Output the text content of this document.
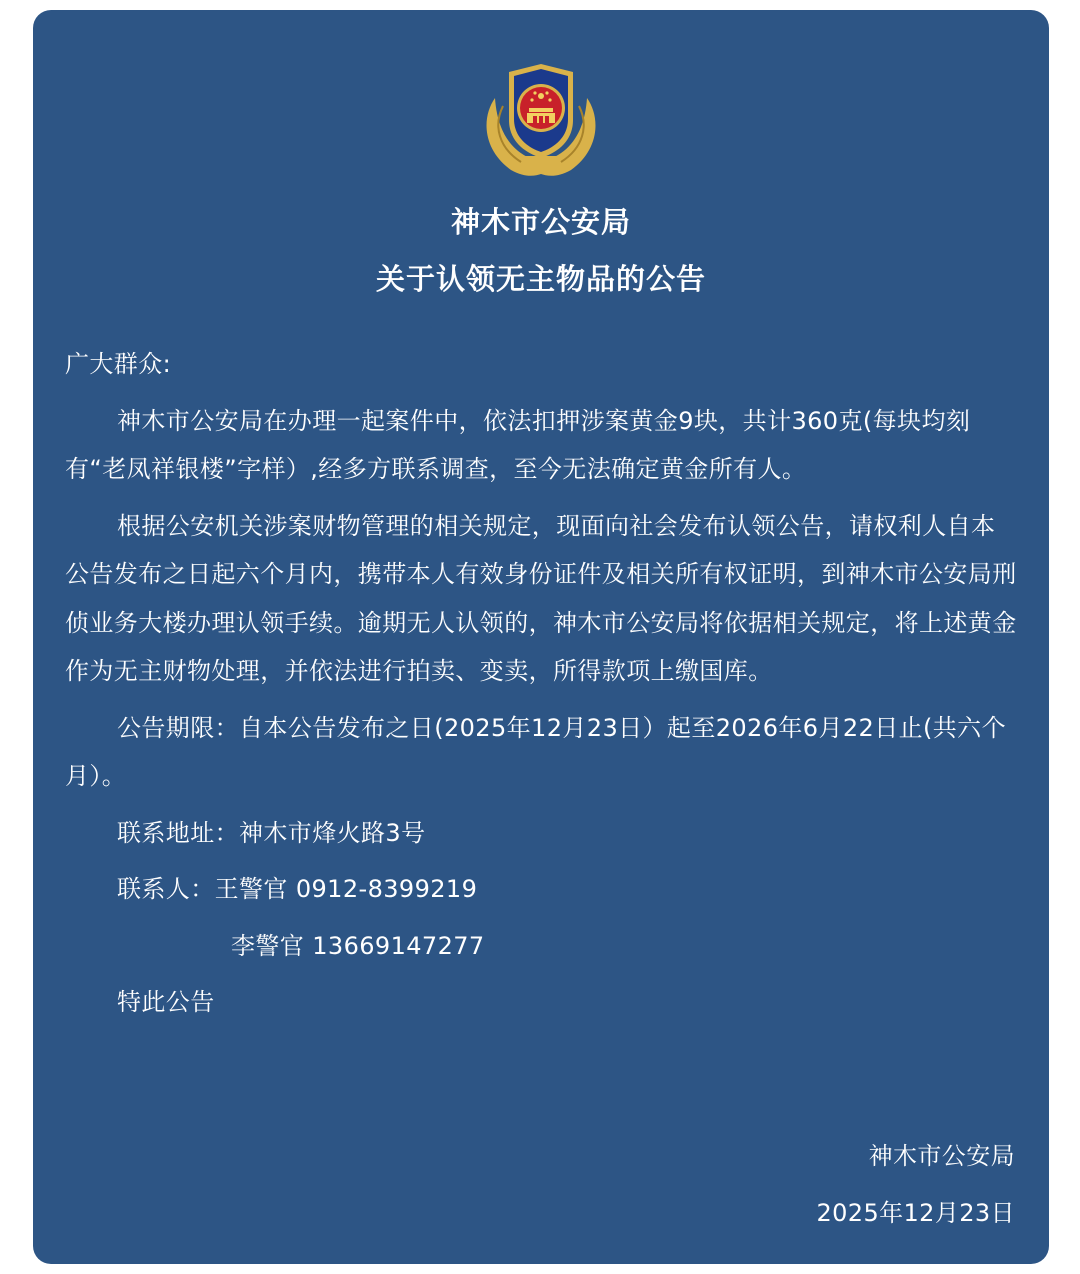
神木市公安局
关于认领无主物品的公告

广大群众:

神木市公安局在办理一起案件中，依法扣押涉案黄金9块，共计360克(每块均刻有“老凤祥银楼”字样）,经多方联系调查，至今无法确定黄金所有人。

根据公安机关涉案财物管理的相关规定，现面向社会发布认领公告，请权利人自本公告发布之日起六个月内，携带本人有效身份证件及相关所有权证明，到神木市公安局刑侦业务大楼办理认领手续。逾期无人认领的，神木市公安局将依据相关规定，将上述黄金作为无主财物处理，并依法进行拍卖、变卖，所得款项上缴国库。

公告期限：自本公告发布之日(2025年12月23日）起至2026年6月22日止(共六个月）。

联系地址：神木市烽火路3号
联系人：王警官 0912-8399219
李警官 13669147277
特此公告
神木市公安局
2025年12月23日
